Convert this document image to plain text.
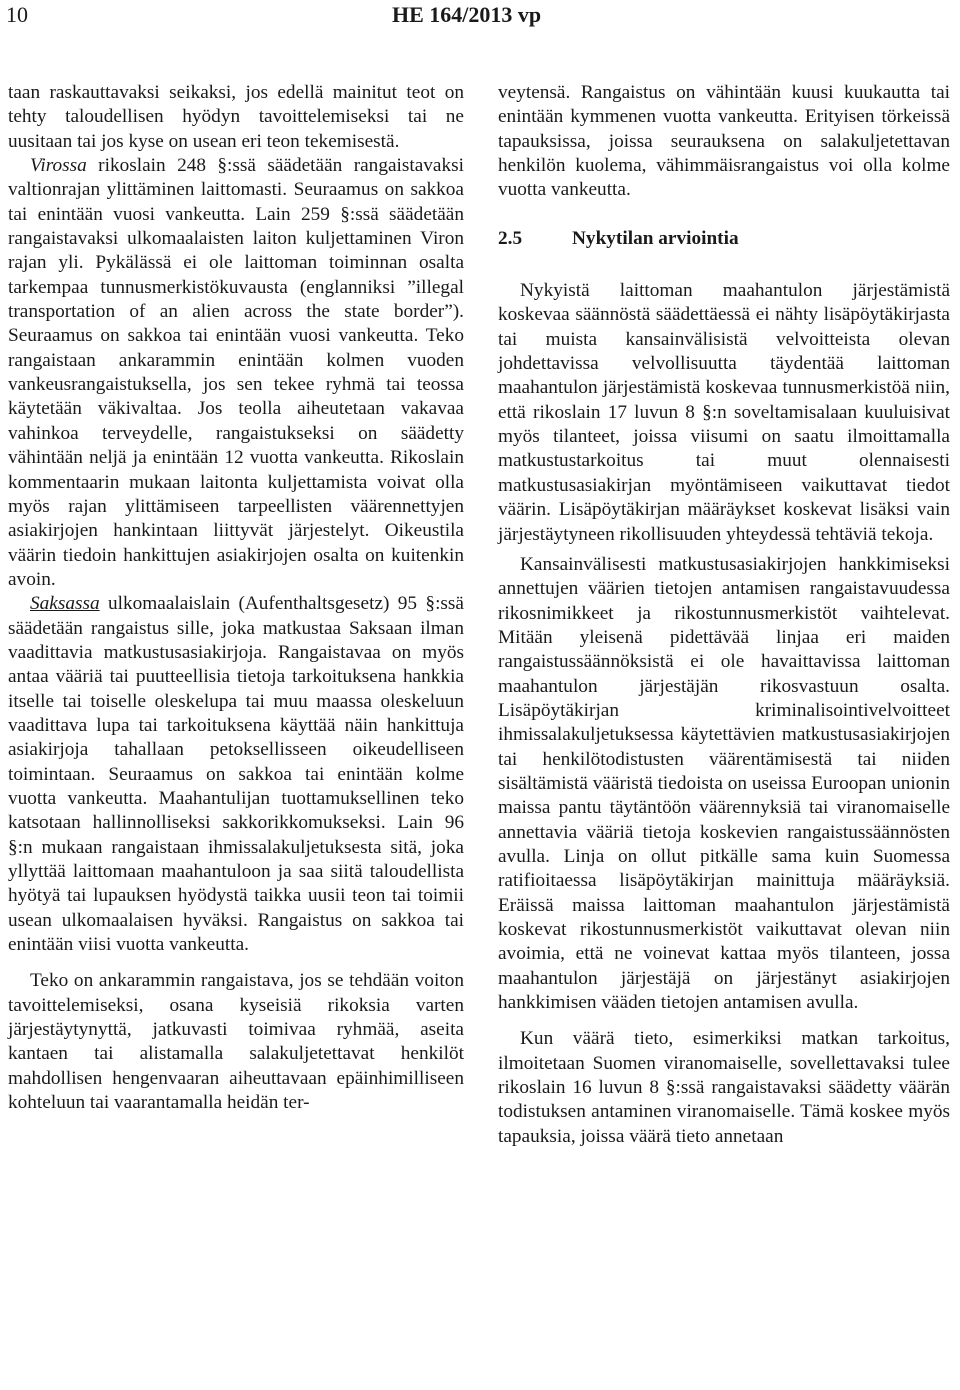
10	HE 164/2013 vp

taan raskauttavaksi seikaksi, jos edellä mainitut teot on tehty taloudellisen hyödyn tavoittelemiseksi tai ne uusitaan tai jos kyse on usean eri teon tekemisestä.

Virossa rikoslain 248 §:ssä säädetään rangaistavaksi valtionrajan ylittäminen laittomasti. Seuraamus on sakkoa tai enintään vuosi vankeutta. Lain 259 §:ssä säädetään rangaistavaksi ulkomaalaisten laiton kuljettaminen Viron rajan yli. Pykälässä ei ole laittoman toiminnan osalta tarkempaa tunnusmerkistökuvausta (englanniksi ”illegal transportation of an alien across the state border”). Seuraamus on sakkoa tai enintään vuosi vankeutta. Teko rangaistaan ankarammin enintään kolmen vuoden vankeusrangaistuksella, jos sen tekee ryhmä tai teossa käytetään väkivaltaa. Jos teolla aiheutetaan vakavaa vahinkoa terveydelle, rangaistukseksi on säädetty vähintään neljä ja enintään 12 vuotta vankeutta. Rikoslain kommentaarin mukaan laitonta kuljettamista voivat olla myös rajan ylittämiseen tarpeellisten väärennettyjen asiakirjojen hankintaan liittyvät järjestelyt. Oikeustila väärin tiedoin hankittujen asiakirjojen osalta on kuitenkin avoin.

Saksassa ulkomaalaislain (Aufenthaltsgesetz) 95 §:ssä säädetään rangaistus sille, joka matkustaa Saksaan ilman vaadittavia matkustusasiakirjoja. Rangaistavaa on myös antaa vääriä tai puutteellisia tietoja tarkoituksena hankkia itselle tai toiselle oleskelupa tai muu maassa oleskeluun vaadittava lupa tai tarkoituksena käyttää näin hankittuja asiakirjoja tahallaan petoksellisseen oikeudelliseen toimintaan. Seuraamus on sakkoa tai enintään kolme vuotta vankeutta. Maahantulijan tuottamuksellinen teko katsotaan hallinnolliseksi sakkorikkomukseksi. Lain 96 §:n mukaan rangaistaan ihmissalakuljetuksesta sitä, joka yllyttää laittomaan maahantuloon ja saa siitä taloudellista hyötyä tai lupauksen hyödystä taikka uusii teon tai toimii usean ulkomaalaisen hyväksi. Rangaistus on sakkoa tai enintään viisi vuotta vankeutta.

Teko on ankarammin rangaistava, jos se tehdään voiton tavoittelemiseksi, osana kyseisiä rikoksia varten järjestäytynyttä, jatkuvasti toimivaa ryhmää, aseita kantaen tai alistamalla salakuljetettavat henkilöt mahdollisen hengenvaaran aiheuttavaan epäinhimilliseen kohteluun tai vaarantamalla heidän ter-

veytensä. Rangaistus on vähintään kuusi kuukautta tai enintään kymmenen vuotta vankeutta. Erityisen törkeissä tapauksissa, joissa seurauksena on salakuljetettavan henkilön kuolema, vähimmäisrangaistus voi olla kolme vuotta vankeutta.

2.5	Nykytilan arviointia

Nykyistä laittoman maahantulon järjestämistä koskevaa säännöstä säädettäessä ei nähty lisäpöytäkirjasta tai muista kansainvälisistä velvoitteista olevan johdettavissa velvollisuutta täydentää laittoman maahantulon järjestämistä koskevaa tunnusmerkistöä niin, että rikoslain 17 luvun 8 §:n soveltamisalaan kuuluisivat myös tilanteet, joissa viisumi on saatu ilmoittamalla matkustustarkoitus tai muut olennaisesti matkustusasiakirjan myöntämiseen vaikuttavat tiedot väärin. Lisäpöytäkirjan määräykset koskevat lisäksi vain järjestäytyneen rikollisuuden yhteydessä tehtäviä tekoja.

Kansainvälisesti matkustusasiakirjojen hankkimiseksi annettujen väärien tietojen antamisen rangaistavuudessa rikosnimikkeet ja rikostunnusmerkistöt vaihtelevat. Mitään yleisenä pidettävää linjaa eri maiden rangaistussäännöksistä ei ole havaittavissa laittoman maahantulon järjestäjän rikosvastuun osalta. Lisäpöytäkirjan kriminalisointivelvoitteet ihmissalakuljetuksessa käytettävien matkustusasiakirjojen tai henkilötodistusten väärentämisestä tai niiden sisältämistä vääristä tiedoista on useissa Euroopan unionin maissa pantu täytäntöön väärennyksiä tai viranomaiselle annettavia vääriä tietoja koskevien rangaistussäännösten avulla. Linja on ollut pitkälle sama kuin Suomessa ratifioitaessa lisäpöytäkirjan mainittuja määräyksiä. Eräissä maissa laittoman maahantulon järjestämistä koskevat rikostunnusmerkistöt vaikuttavat olevan niin avoimia, että ne voinevat kattaa myös tilanteen, jossa maahantulon järjestäjä on järjestänyt asiakirjojen hankkimisen vääden tietojen antamisen avulla.

Kun väärä tieto, esimerkiksi matkan tarkoitus, ilmoitetaan Suomen viranomaiselle, sovellettavaksi tulee rikoslain 16 luvun 8 §:ssä rangaistavaksi säädetty väärän todistuksen antaminen viranomaiselle. Tämä koskee myös tapauksia, joissa väärä tieto annetaan
